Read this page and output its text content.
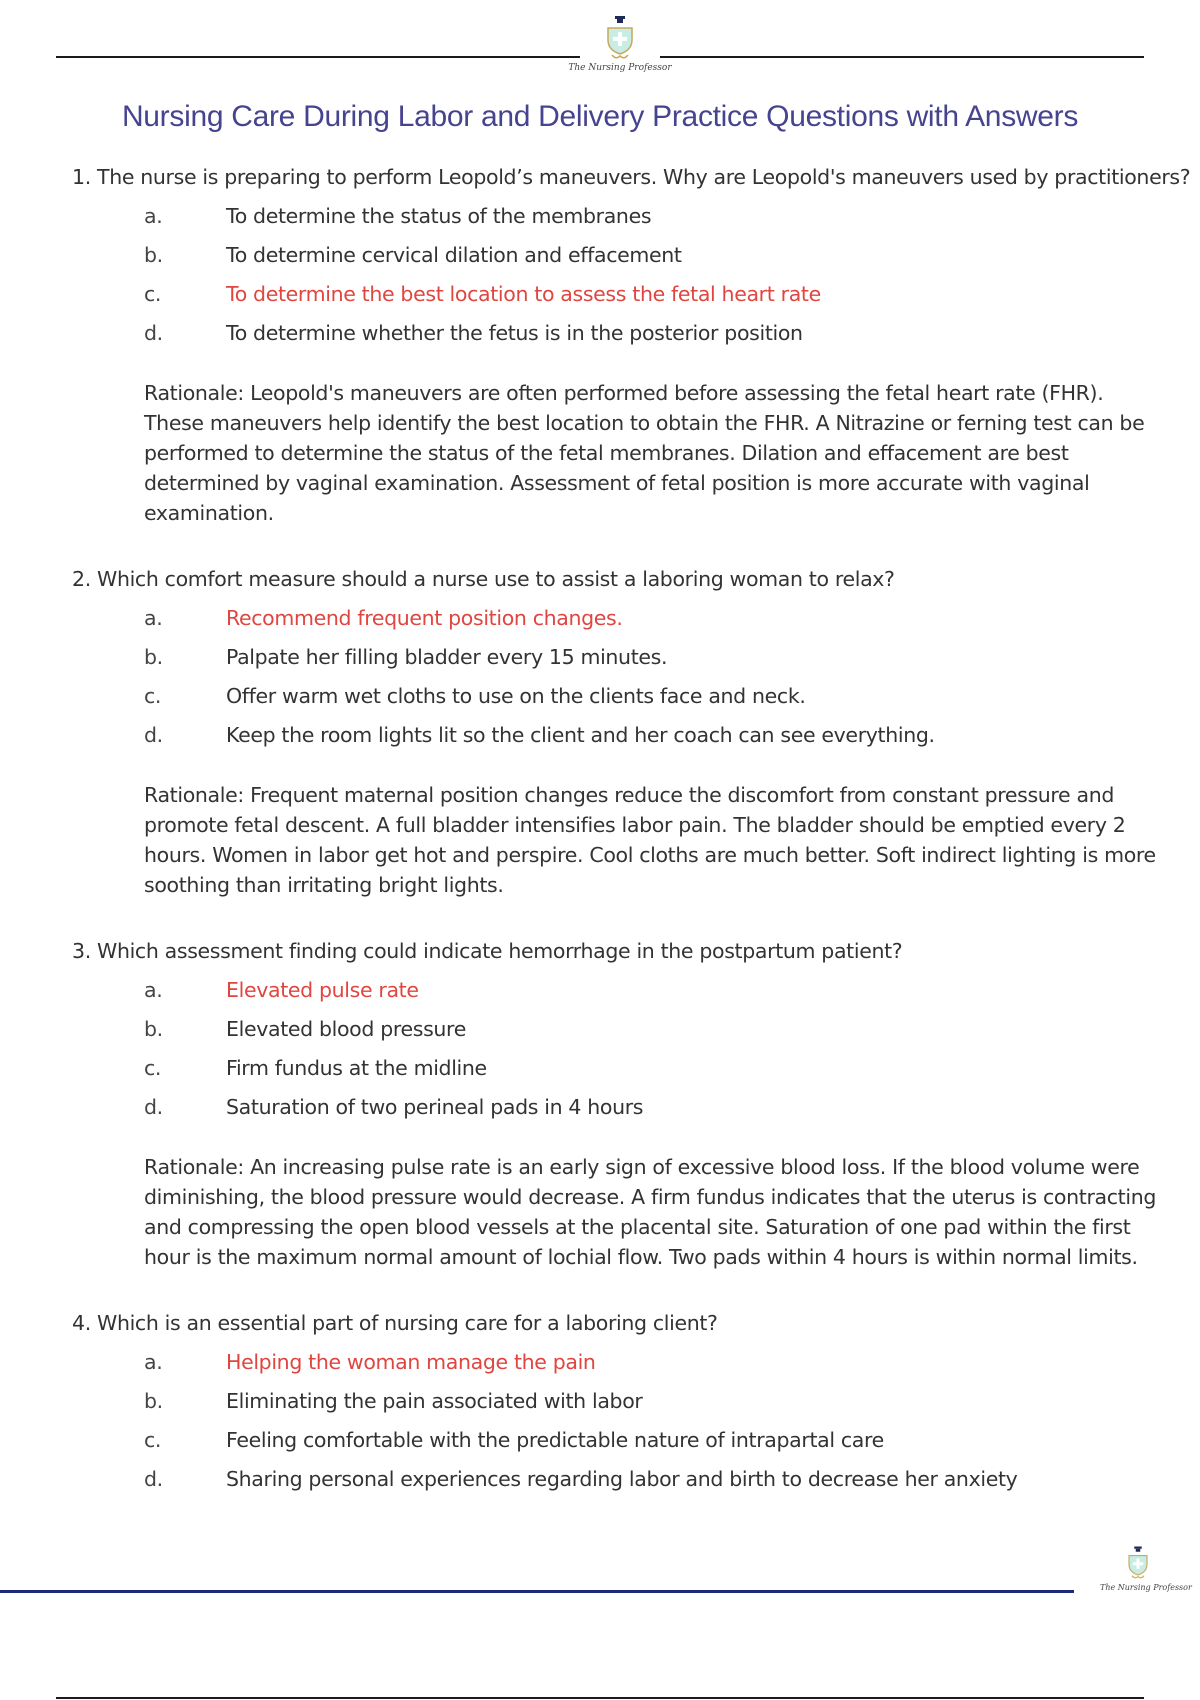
The Nursing Professor
Nursing Care During Labor and Delivery Practice Questions with Answers

1. The nurse is preparing to perform Leopold’s maneuvers. Why are Leopold's maneuvers used by practitioners?

a.	To determine the status of the membranes
b.	To determine cervical dilation and effacement
c.	To determine the best location to assess the fetal heart rate
d.	To determine whether the fetus is in the posterior position

Rationale: Leopold's maneuvers are often performed before assessing the fetal heart rate (FHR). These maneuvers help identify the best location to obtain the FHR. A Nitrazine or ferning test can be performed to determine the status of the fetal membranes. Dilation and effacement are best determined by vaginal examination. Assessment of fetal position is more accurate with vaginal examination.

2. Which comfort measure should a nurse use to assist a laboring woman to relax?

a.	Recommend frequent position changes.
b.	Palpate her filling bladder every 15 minutes.
c.	Offer warm wet cloths to use on the clients face and neck.
d.	Keep the room lights lit so the client and her coach can see everything.

Rationale: Frequent maternal position changes reduce the discomfort from constant pressure and promote fetal descent. A full bladder intensifies labor pain. The bladder should be emptied every 2 hours. Women in labor get hot and perspire. Cool cloths are much better. Soft indirect lighting is more soothing than irritating bright lights.

3. Which assessment finding could indicate hemorrhage in the postpartum patient?

a.	Elevated pulse rate
b.	Elevated blood pressure
c.	Firm fundus at the midline
d.	Saturation of two perineal pads in 4 hours

Rationale: An increasing pulse rate is an early sign of excessive blood loss. If the blood volume were diminishing, the blood pressure would decrease. A firm fundus indicates that the uterus is contracting and compressing the open blood vessels at the placental site. Saturation of one pad within the first hour is the maximum normal amount of lochial flow. Two pads within 4 hours is within normal limits.

4. Which is an essential part of nursing care for a laboring client?

a.	Helping the woman manage the pain
b.	Eliminating the pain associated with labor
c.	Feeling comfortable with the predictable nature of intrapartal care
d.	Sharing personal experiences regarding labor and birth to decrease her anxiety
The Nursing Professor
